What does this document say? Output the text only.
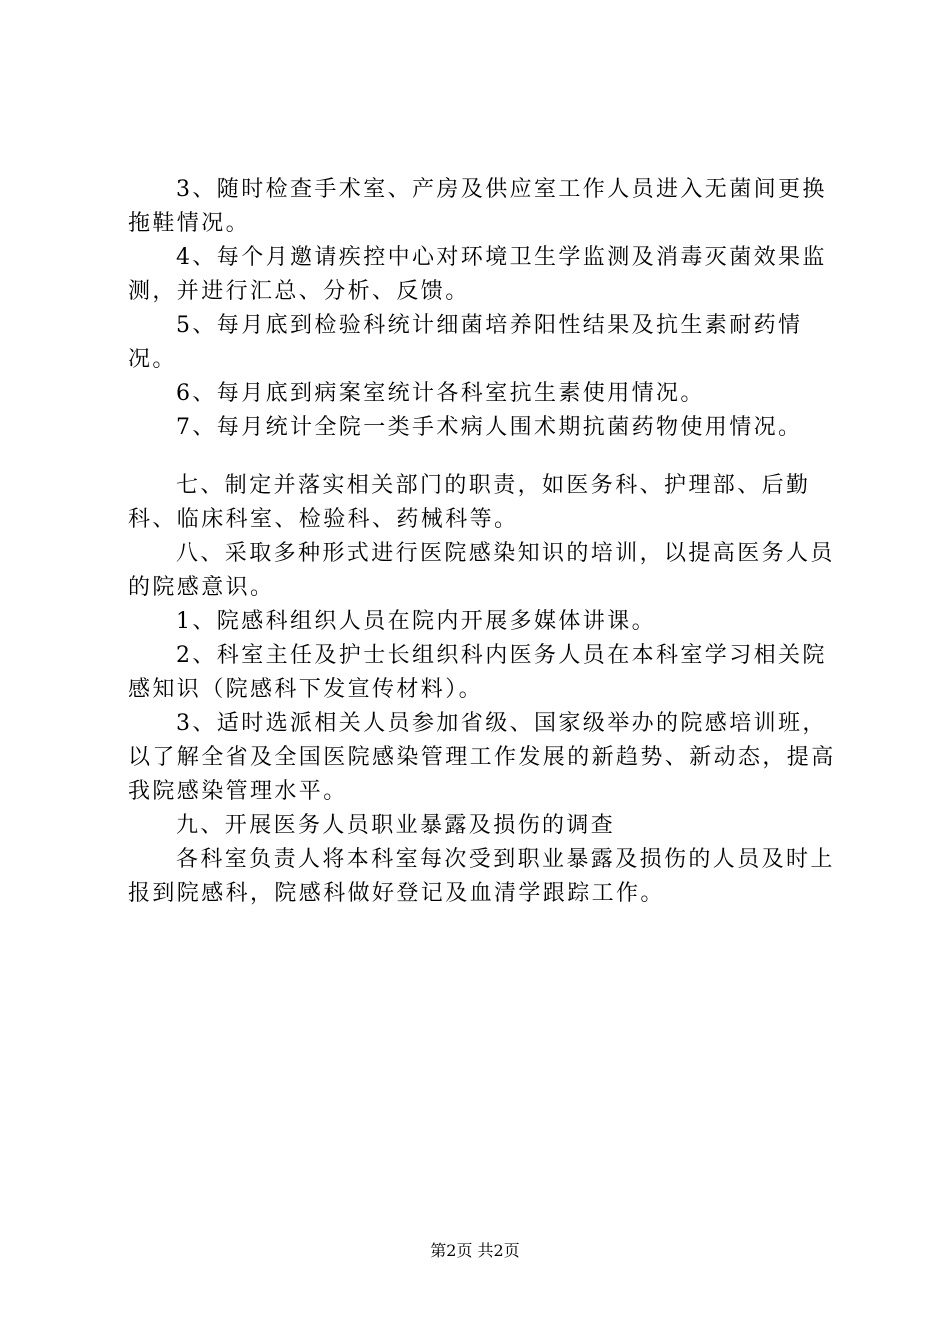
3、随时检查手术室、产房及供应室工作人员进入无菌间更换拖鞋情况。

4、每个月邀请疾控中心对环境卫生学监测及消毒灭菌效果监测，并进行汇总、分析、反馈。

5、每月底到检验科统计细菌培养阳性结果及抗生素耐药情况。

6、每月底到病案室统计各科室抗生素使用情况。

7、每月统计全院一类手术病人围术期抗菌药物使用情况。

七、制定并落实相关部门的职责，如医务科、护理部、后勤科、临床科室、检验科、药械科等。

八、采取多种形式进行医院感染知识的培训，以提高医务人员的院感意识。

1、院感科组织人员在院内开展多媒体讲课。

2、科室主任及护士长组织科内医务人员在本科室学习相关院感知识（院感科下发宣传材料）。

3、适时选派相关人员参加省级、国家级举办的院感培训班，以了解全省及全国医院感染管理工作发展的新趋势、新动态，提高我院感染管理水平。

九、开展医务人员职业暴露及损伤的调查

各科室负责人将本科室每次受到职业暴露及损伤的人员及时上报到院感科，院感科做好登记及血清学跟踪工作。

第2页 共2页
